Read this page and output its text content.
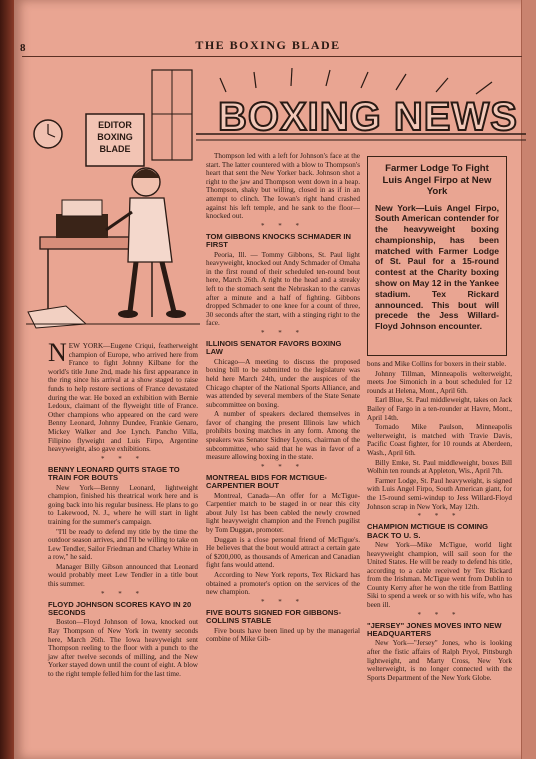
8	THE BOXING BLADE
EDITOR
BOXING
BLADE
BOXING NEWS

NEW YORK—Eugene Criqui, featherweight champion of Europe, who arrived here from France to fight Johnny Kilbane for the world's title June 2nd, made his first appearance in the ring since his arrival at a show staged to raise funds to help restore sections of France devastated during the war. He boxed an exhibition with Bernie Ledoux, claimant of the flyweight title of France. Other champions who appeared on the card were Benny Leonard, Johnny Dundee, Frankie Genaro, Mickey Walker and Joe Lynch. Pancho Villa, Filipino flyweight and Luis Firpo, Argentine heavyweight, also gave exhibitions.

* * *
BENNY LEONARD QUITS STAGE TO TRAIN FOR BOUTS

New York—Benny Leonard, lightweight champion, finished his theatrical work here and is going back into his regular business. He plans to go to Lakewood, N. J., where he will start in light training for the summer's campaign.

"I'll be ready to defend my title by the time the outdoor season arrives, and I'll be willing to take on Lew Tendler, Sailor Friedman and Charley White in a row," he said.

Manager Billy Gibson announced that Leonard would probably meet Lew Tendler in a title bout this summer.

* * *
FLOYD JOHNSON SCORES KAYO IN 20 SECONDS

Boston—Floyd Johnson of Iowa, knocked out Ray Thompson of New York in twenty seconds here, March 26th. The Iowa heavyweight sent Thompson reeling to the floor with a punch to the jaw after twelve seconds of milling, and the New Yorker stayed down until the count of eight. A blow to the right temple felled him for the last time.

Thompson led with a left for Johnson's face at the start. The latter countered with a blow to Thompson's heart that sent the New Yorker back. Johnson shot a right to the jaw and Thompson went down in a heap. Thompson, shaky but willing, closed in as if in an attempt to clinch. The Iowan's right hand crashed against his left temple, and he sank to the floor—knocked out.

* * *
TOM GIBBONS KNOCKS SCHMADER IN FIRST

Peoria, Ill. — Tommy Gibbons, St. Paul light heavyweight, knocked out Andy Schmader of Omaha in the first round of their scheduled ten-round bout here, March 26th. A right to the head and a streaky left to the stomach sent the Nebraskan to the canvas after a minute and a half of fighting. Gibbons dropped Schmader to one knee for a count of three, 30 seconds after the start, with a stinging right to the face.

* * *
ILLINOIS SENATOR FAVORS BOXING LAW

Chicago—A meeting to discuss the proposed boxing bill to be submitted to the legislature was held here March 24th, under the auspices of the Chicago chapter of the National Sports Alliance, and was attended by several members of the State Senate subcommittee on boxing.

A number of speakers declared themselves in favor of changing the present Illinois law which prohibits boxing matches in any form. Among the speakers was Senator Sidney Lyons, chairman of the subcommittee, who said that he was in favor of a measure allowing boxing in the state.

* * *
MONTREAL BIDS FOR MCTIGUE-CARPENTIER BOUT

Montreal, Canada—An offer for a McTigue-Carpentier match to be staged in or near this city about July 1st has been cabled the newly crowned light heavyweight champion and the French pugilist by Tom Duggan, promoter.

Duggan is a close personal friend of McTigue's. He believes that the bout would attract a certain gate of $200,000, as thousands of American and Canadian fight fans would attend.

According to New York reports, Tex Rickard has obtained a promoter's option on the services of the new champion.

* * *
FIVE BOUTS SIGNED FOR GIBBONS-COLLINS STABLE

Five bouts have been lined up by the managerial combine of Mike Gib-

Farmer Lodge To Fight Luis Angel Firpo at New York
New York—Luis Angel Firpo, South American contender for the heavyweight boxing championship, has been matched with Farmer Lodge of St. Paul for a 15-round contest at the Charity boxing show on May 12 in the Yankee stadium. Tex Rickard announced. This bout will precede the Jess Willard-Floyd Johnson encounter.

bons and Mike Collins for boxers in their stable.

Johnny Tillman, Minneapolis welterweight, meets Joe Simonich in a bout scheduled for 12 rounds at Helena, Mont., April 6th.

Earl Blue, St. Paul middleweight, takes on Jack Bailey of Fargo in a ten-rounder at Havre, Mont., April 14th.

Tornado Mike Paulson, Minneapolis welterweight, is matched with Travie Davis, Pacific Coast fighter, for 10 rounds at Aberdeen, Wash., April 6th.

Billy Emke, St. Paul middleweight, boxes Bill Wolhin ten rounds at Appleton, Wis., April 7th.

Farmer Lodge, St. Paul heavyweight, is signed with Luis Angel Firpo, South American giant, for the 15-round semi-windup to Jess Willard-Floyd Johnson scrap in New York, May 12th.

* * *
CHAMPION MCTIGUE IS COMING BACK TO U. S.

New York—Mike McTigue, world light heavyweight champion, will sail soon for the United States. He will be ready to defend his title, according to a cable received by Tex Rickard from the Irishman. McTigue went from Dublin to County Kerry after he won the title from Battling Siki to spend a week or so with his wife, who has been ill.

* * *
"JERSEY" JONES MOVES INTO NEW HEADQUARTERS

New York—"Jersey" Jones, who is looking after the fistic affairs of Ralph Pryol, Pittsburgh lightweight, and Marty Cross, New York welterweight, is no longer connected with the Sports Department of the New York Globe.
